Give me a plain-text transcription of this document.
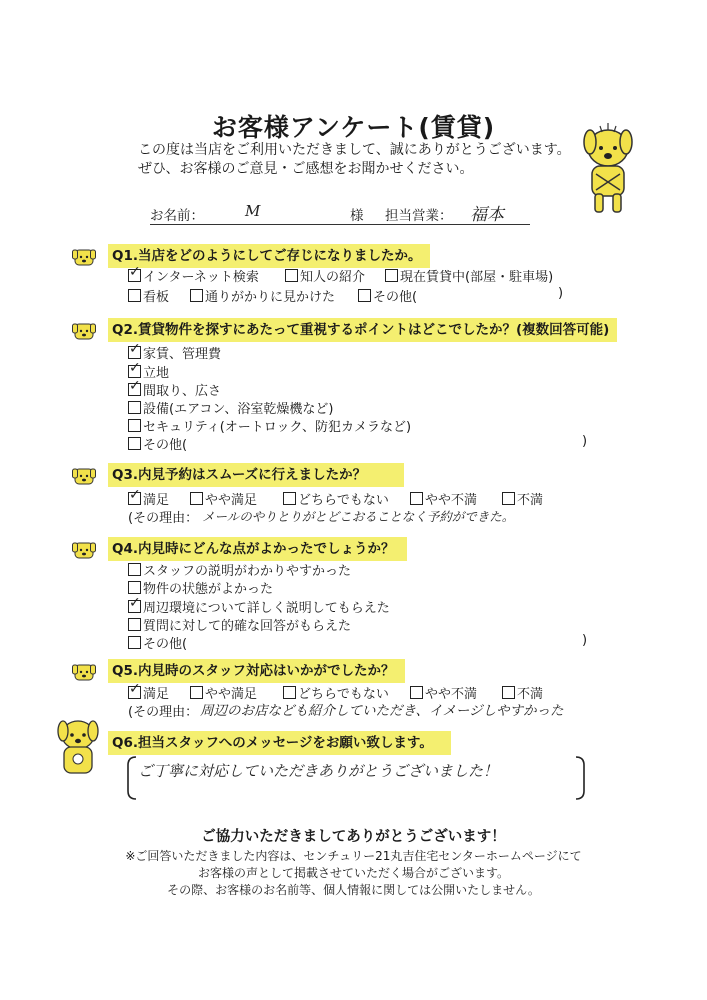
お客様アンケート(賃貸)
この度は当店をご利用いただきまして、誠にありがとうございます。
ぜひ、お客様のご意見・ご感想をお聞かせください。
お名前：	M	様 担当営業： 福本
Q1.当店をどのようにしてご存じになりましたか。
✓インターネット検索	知人の紹介	現在賃貸中(部屋・駐車場)
看板	通りがかりに見かけた	その他(	)
Q2.賃貸物件を探すにあたって重視するポイントはどこでしたか？(複数回答可能)
✓家賃、管理費
✓立地
✓間取り、広さ
設備(エアコン、浴室乾燥機など)
セキュリティ(オートロック、防犯カメラなど)
その他(	)
Q3.内見予約はスムーズに行えましたか？
✓満足	やや満足	どちらでもない	やや不満	不満
(その理由： メールのやりとりがとどこおることなく予約ができた。
Q4.内見時にどんな点がよかったでしょうか？
スタッフの説明がわかりやすかった
物件の状態がよかった
✓周辺環境について詳しく説明してもらえた
質問に対して的確な回答がもらえた
その他(	)
Q5.内見時のスタッフ対応はいかがでしたか？
✓満足	やや満足	どちらでもない	やや不満	不満
(その理由： 周辺のお店なども紹介していただき、イメージしやすかった
Q6.担当スタッフへのメッセージをお願い致します。
ご丁寧に対応していただきありがとうございました！
ご協力いただきましてありがとうございます！
※ご回答いただきました内容は、センチュリー21丸吉住宅センターホームページにて
お客様の声として掲載させていただく場合がございます。
その際、お客様のお名前等、個人情報に関しては公開いたしません。
